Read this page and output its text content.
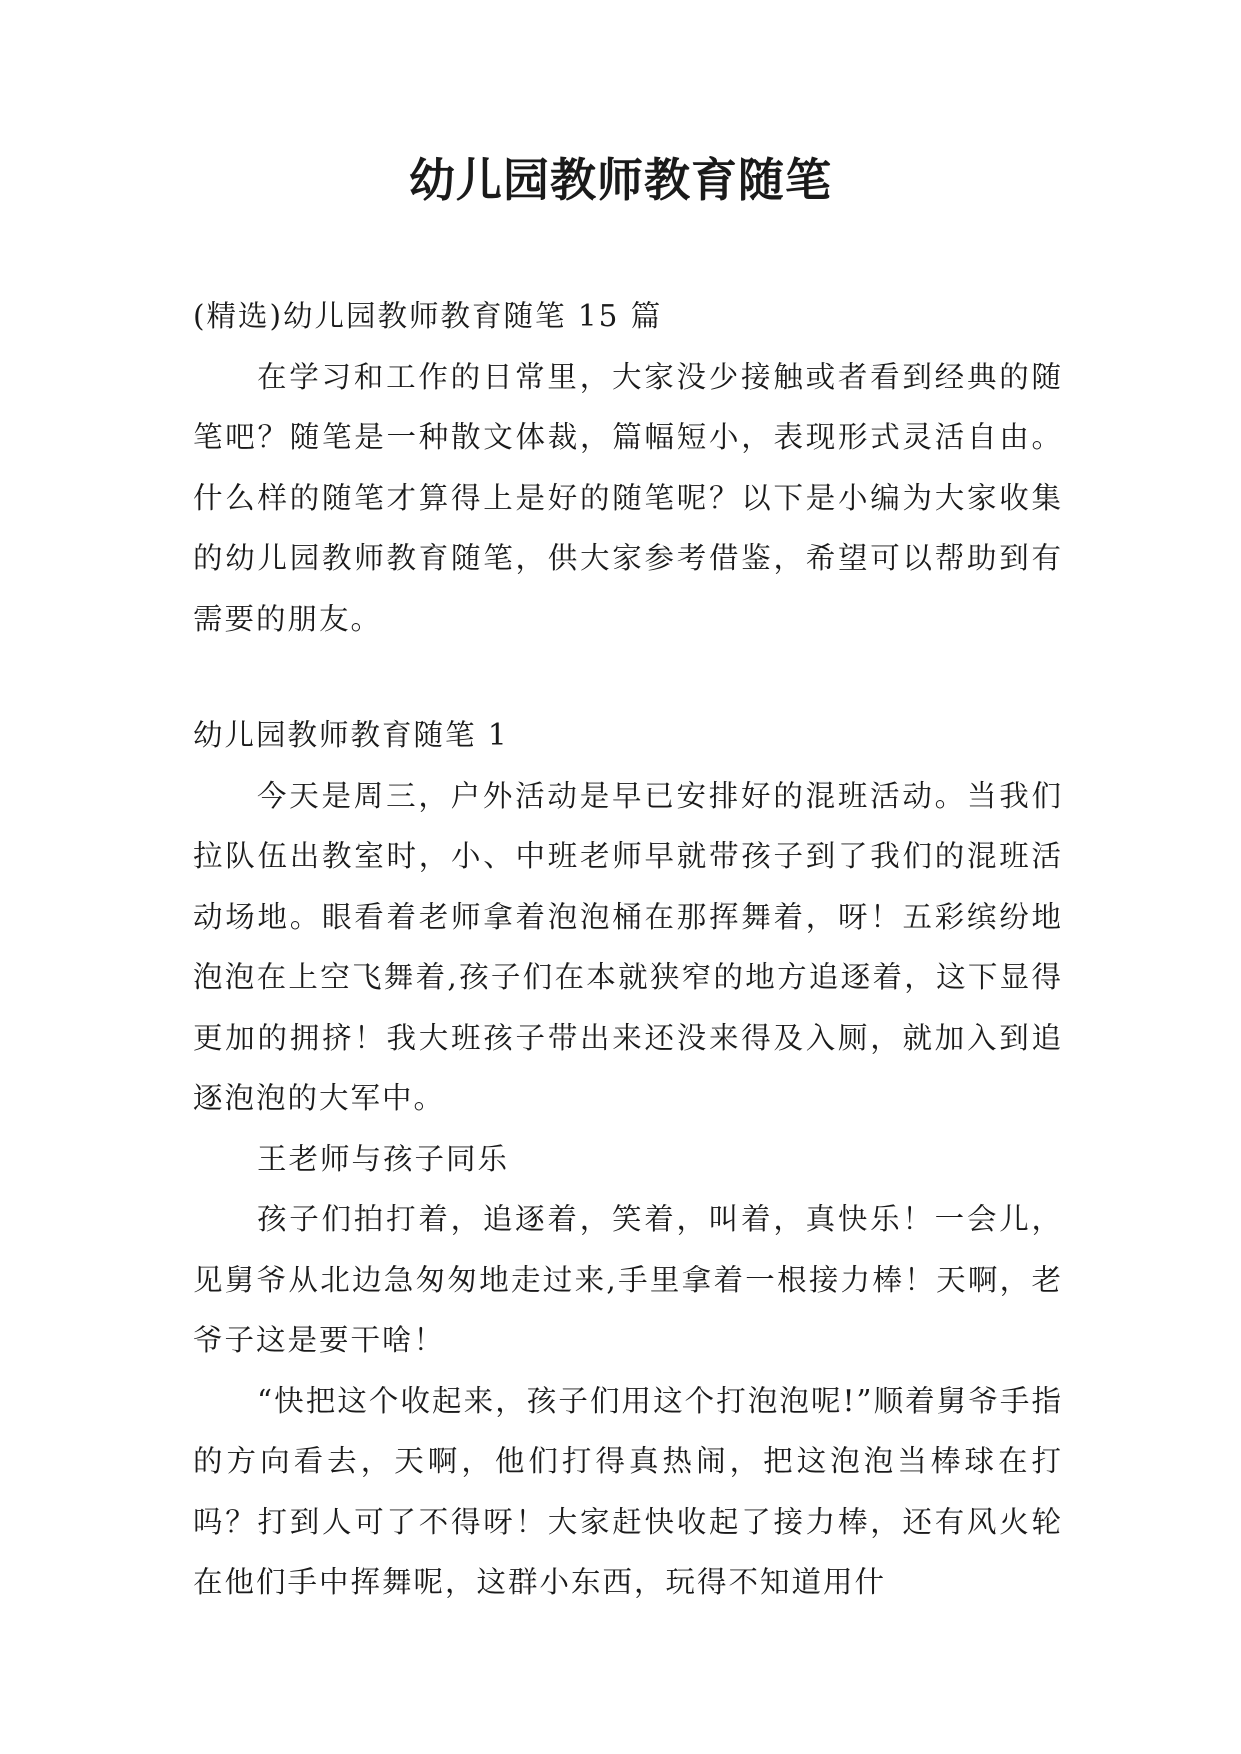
幼儿园教师教育随笔

(精选)幼儿园教师教育随笔 15 篇

在学习和工作的日常里，大家没少接触或者看到经典的随笔吧？随笔是一种散文体裁，篇幅短小，表现形式灵活自由。什么样的随笔才算得上是好的随笔呢？以下是小编为大家收集的幼儿园教师教育随笔，供大家参考借鉴，希望可以帮助到有需要的朋友。

幼儿园教师教育随笔 1

今天是周三，户外活动是早已安排好的混班活动。当我们拉队伍出教室时，小、中班老师早就带孩子到了我们的混班活动场地。眼看着老师拿着泡泡桶在那挥舞着，呀！五彩缤纷地泡泡在上空飞舞着,孩子们在本就狭窄的地方追逐着，这下显得更加的拥挤！我大班孩子带出来还没来得及入厕，就加入到追逐泡泡的大军中。

王老师与孩子同乐

孩子们拍打着，追逐着，笑着，叫着，真快乐！一会儿，见舅爷从北边急匆匆地走过来,手里拿着一根接力棒！天啊，老爷子这是要干啥！

“快把这个收起来，孩子们用这个打泡泡呢!”顺着舅爷手指的方向看去，天啊，他们打得真热闹，把这泡泡当棒球在打吗？打到人可了不得呀！大家赶快收起了接力棒，还有风火轮在他们手中挥舞呢，这群小东西，玩得不知道用什
